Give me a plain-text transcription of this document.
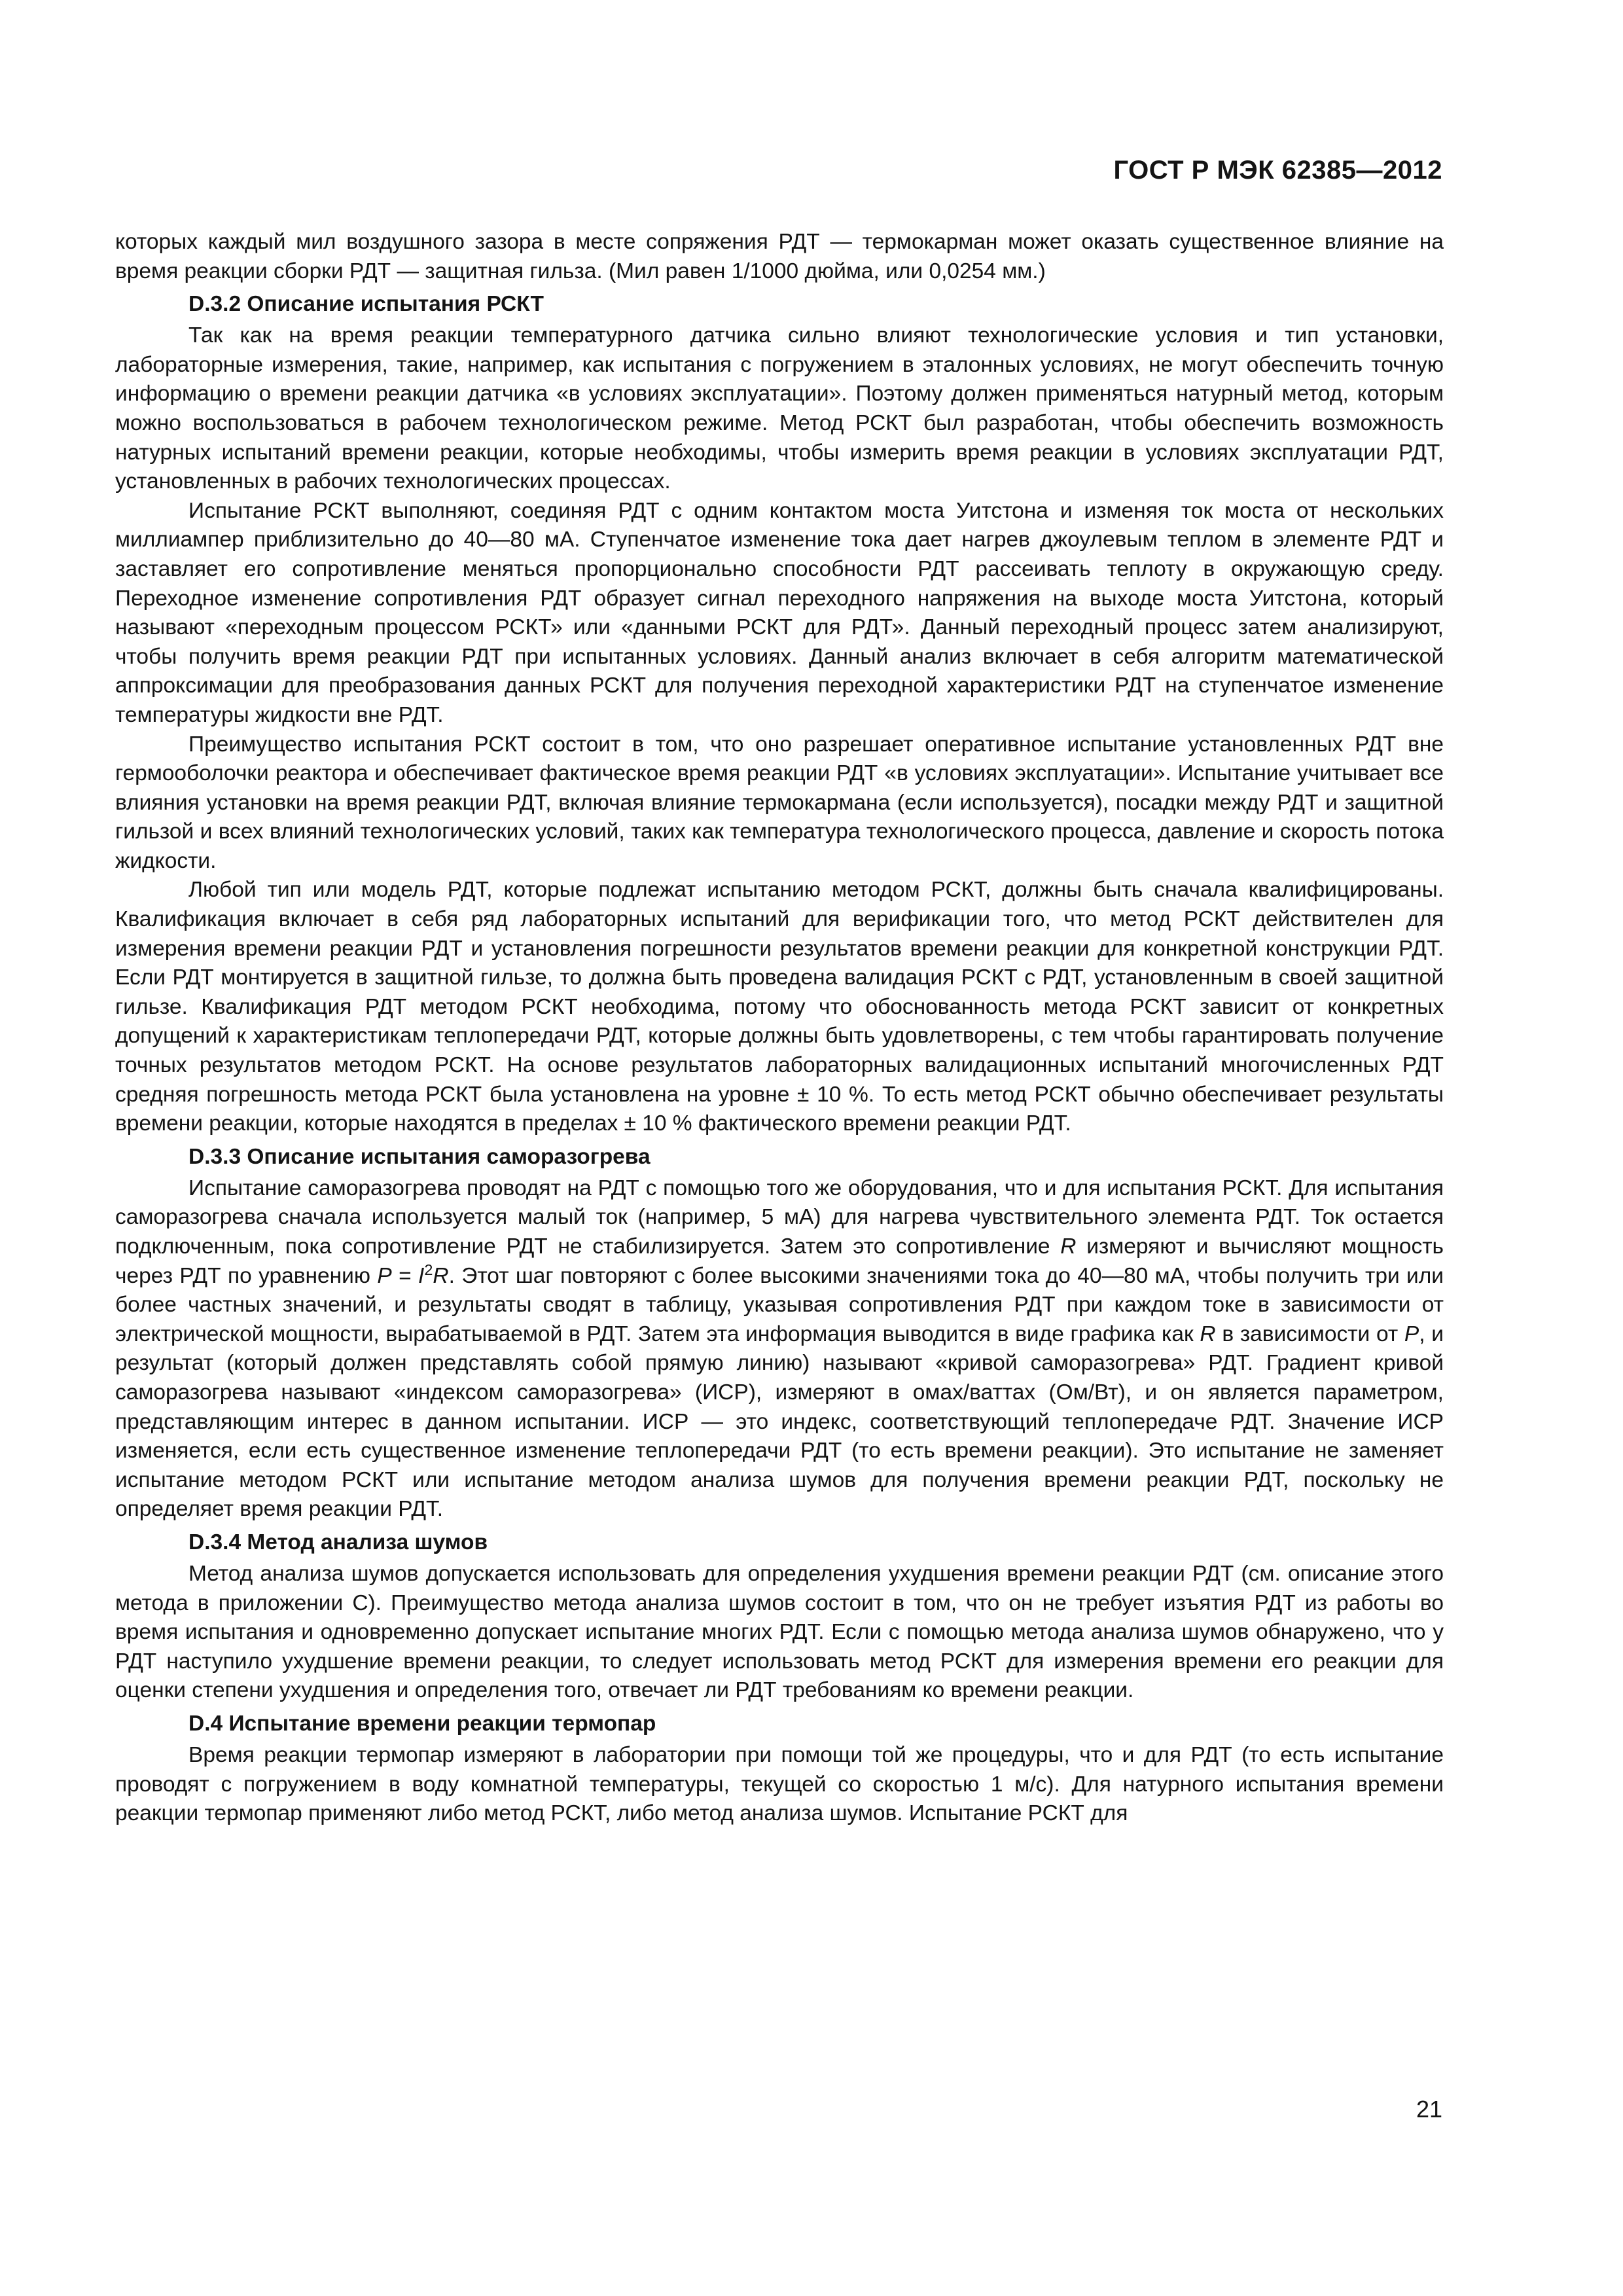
ГОСТ Р МЭК 62385—2012

которых каждый мил воздушного зазора в месте сопряжения РДТ — термокарман может оказать существенное влияние на время реакции сборки РДТ — защитная гильза. (Мил равен 1/1000 дюйма, или 0,0254 мм.)

D.3.2 Описание испытания РСКТ

Так как на время реакции температурного датчика сильно влияют технологические условия и тип установки, лабораторные измерения, такие, например, как испытания с погружением в эталонных условиях, не могут обеспечить точную информацию о времени реакции датчика «в условиях эксплуатации». Поэтому должен применяться натурный метод, которым можно воспользоваться в рабочем технологическом режиме. Метод РСКТ был разработан, чтобы обеспечить возможность натурных испытаний времени реакции, которые необходимы, чтобы измерить время реакции в условиях эксплуатации РДТ, установленных в рабочих технологических процессах.

Испытание РСКТ выполняют, соединяя РДТ с одним контактом моста Уитстона и изменяя ток моста от нескольких миллиампер приблизительно до 40—80 мА. Ступенчатое изменение тока дает нагрев джоулевым теплом в элементе РДТ и заставляет его сопротивление меняться пропорционально способности РДТ рассеивать теплоту в окружающую среду. Переходное изменение сопротивления РДТ образует сигнал переходного напряжения на выходе моста Уитстона, который называют «переходным процессом РСКТ» или «данными РСКТ для РДТ». Данный переходный процесс затем анализируют, чтобы получить время реакции РДТ при испытанных условиях. Данный анализ включает в себя алгоритм математической аппроксимации для преобразования данных РСКТ для получения переходной характеристики РДТ на ступенчатое изменение температуры жидкости вне РДТ.

Преимущество испытания РСКТ состоит в том, что оно разрешает оперативное испытание установленных РДТ вне гермооболочки реактора и обеспечивает фактическое время реакции РДТ «в условиях эксплуатации». Испытание учитывает все влияния установки на время реакции РДТ, включая влияние термокармана (если используется), посадки между РДТ и защитной гильзой и всех влияний технологических условий, таких как температура технологического процесса, давление и скорость потока жидкости.

Любой тип или модель РДТ, которые подлежат испытанию методом РСКТ, должны быть сначала квалифицированы. Квалификация включает в себя ряд лабораторных испытаний для верификации того, что метод РСКТ действителен для измерения времени реакции РДТ и установления погрешности результатов времени реакции для конкретной конструкции РДТ. Если РДТ монтируется в защитной гильзе, то должна быть проведена валидация РСКТ с РДТ, установленным в своей защитной гильзе. Квалификация РДТ методом РСКТ необходима, потому что обоснованность метода РСКТ зависит от конкретных допущений к характеристикам теплопередачи РДТ, которые должны быть удовлетворены, с тем чтобы гарантировать получение точных результатов методом РСКТ. На основе результатов лабораторных валидационных испытаний многочисленных РДТ средняя погрешность метода РСКТ была установлена на уровне ± 10 %. То есть метод РСКТ обычно обеспечивает результаты времени реакции, которые находятся в пределах ± 10 % фактического времени реакции РДТ.

D.3.3 Описание испытания саморазогрева

Испытание саморазогрева проводят на РДТ с помощью того же оборудования, что и для испытания РСКТ. Для испытания саморазогрева сначала используется малый ток (например, 5 мА) для нагрева чувствительного элемента РДТ. Ток остается подключенным, пока сопротивление РДТ не стабилизируется. Затем это сопротивление R измеряют и вычисляют мощность через РДТ по уравнению $P = I^2R$. Этот шаг повторяют с более высокими значениями тока до 40—80 мА, чтобы получить три или более частных значений, и результаты сводят в таблицу, указывая сопротивления РДТ при каждом токе в зависимости от электрической мощности, вырабатываемой в РДТ. Затем эта информация выводится в виде графика как R в зависимости от P, и результат (который должен представлять собой прямую линию) называют «кривой саморазогрева» РДТ. Градиент кривой саморазогрева называют «индексом саморазогрева» (ИСР), измеряют в омах/ваттах (Ом/Вт), и он является параметром, представляющим интерес в данном испытании. ИСР — это индекс, соответствующий теплопередаче РДТ. Значение ИСР изменяется, если есть существенное изменение теплопередачи РДТ (то есть времени реакции). Это испытание не заменяет испытание методом РСКТ или испытание методом анализа шумов для получения времени реакции РДТ, поскольку не определяет время реакции РДТ.

D.3.4 Метод анализа шумов

Метод анализа шумов допускается использовать для определения ухудшения времени реакции РДТ (см. описание этого метода в приложении С). Преимущество метода анализа шумов состоит в том, что он не требует изъятия РДТ из работы во время испытания и одновременно допускает испытание многих РДТ. Если с помощью метода анализа шумов обнаружено, что у РДТ наступило ухудшение времени реакции, то следует использовать метод РСКТ для измерения времени его реакции для оценки степени ухудшения и определения того, отвечает ли РДТ требованиям ко времени реакции.

D.4 Испытание времени реакции термопар

Время реакции термопар измеряют в лаборатории при помощи той же процедуры, что и для РДТ (то есть испытание проводят с погружением в воду комнатной температуры, текущей со скоростью 1 м/с). Для натурного испытания времени реакции термопар применяют либо метод РСКТ, либо метод анализа шумов. Испытание РСКТ для

21
